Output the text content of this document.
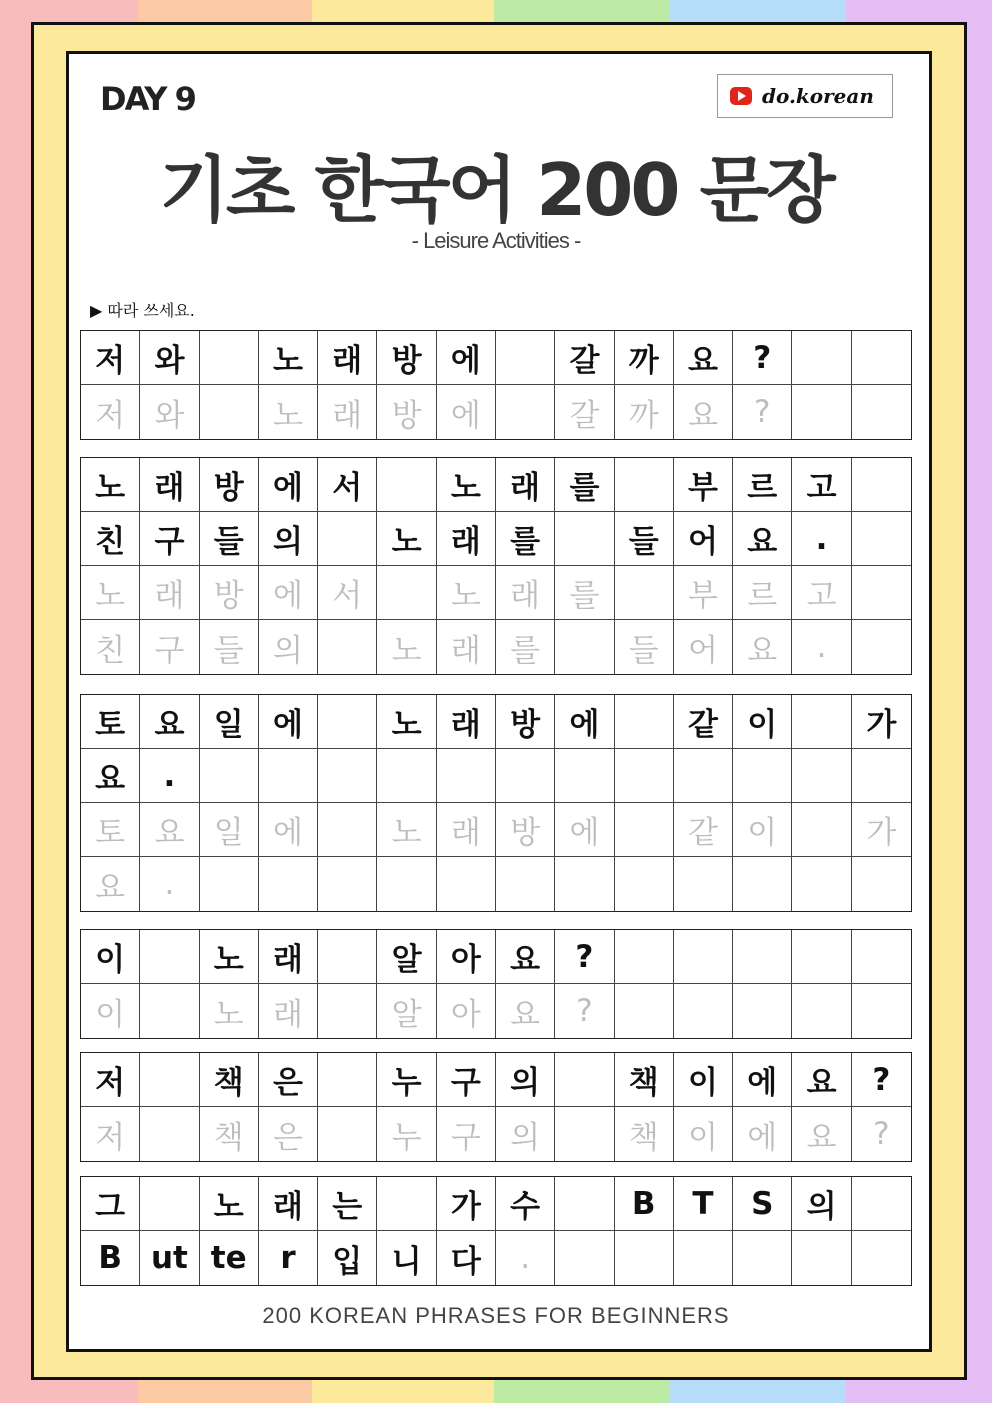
DAY 9	do.korean
기초 한국어 200 문장
- Leisure Activities -
▶ 따라 쓰세요.
저 와	노 래 방 에	갈 까 요	?
저 와	노 래 방 에	갈 까 요	?
노 래 방 에 서	노 래 를	부 르 고
친 구 들 의	노 래 를	들 어 요	.
노 래 방 에 서	노 래 를	부 르 고
친 구 들 의	노 래 를	들 어 요	.
토 요 일 에	노 래 방 에	같 이	가
요	.
토 요 일 에	노 래 방 에	같 이	가
요	.
이	노 래	알 아 요	?
이	노 래	알 아 요	?
저	책 은	누 구 의	책 이 에 요	?
저	책 은	누 구 의	책 이 에 요	?
그	노 래 는	가 수	B	T	S	의
B ut te	r	입 니 다	.
200 KOREAN PHRASES FOR BEGINNERS
